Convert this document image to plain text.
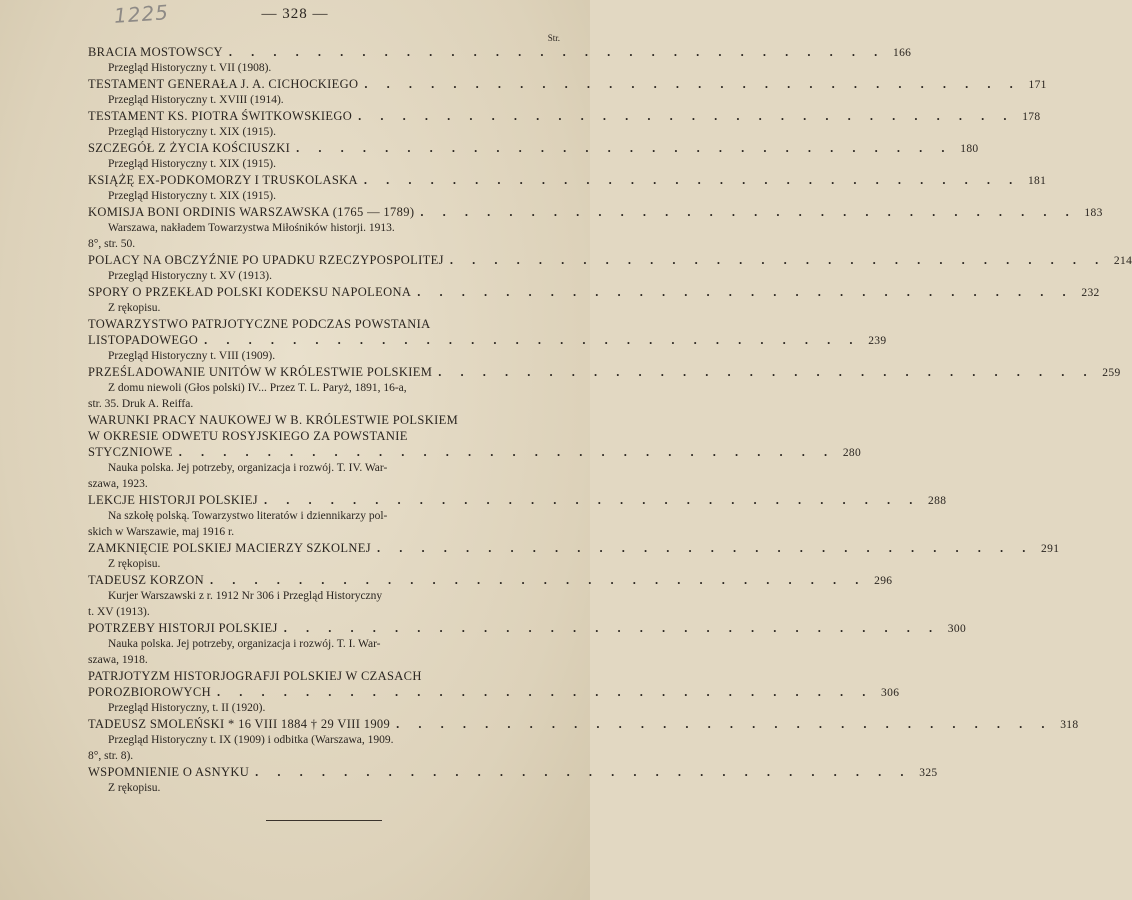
1225	— 328 —
Str.
BRACIA MOSTOWSCY . . . . . . . . . . . . . . . . . . . . . . . . . . . . . . 166
Przegląd Historyczny t. VII (1908).
TESTAMENT GENERAŁA J. A. CICHOCKIEGO . . . . . . . . . . . . . . . . . . . . . . . . . . . . . . 171
Przegląd Historyczny t. XVIII (1914).
TESTAMENT KS. PIOTRA ŚWITKOWSKIEGO . . . . . . . . . . . . . . . . . . . . . . . . . . . . . . 178
Przegląd Historyczny t. XIX (1915).
SZCZEGÓŁ Z ŻYCIA KOŚCIUSZKI . . . . . . . . . . . . . . . . . . . . . . . . . . . . . . 180
Przegląd Historyczny t. XIX (1915).
KSIĄŻĘ EX-PODKOMORZY I TRUSKOLASKA . . . . . . . . . . . . . . . . . . . . . . . . . . . . . . 181
Przegląd Historyczny t. XIX (1915).
KOMISJA BONI ORDINIS WARSZAWSKA (1765 — 1789) . . . . . . . . . . . . . . . . . . . . . . . . . . . . . . 183
Warszawa, nakładem Towarzystwa Miłośników historji. 1913.
8°, str. 50.
POLACY NA OBCZYŹNIE PO UPADKU RZECZYPOSPOLITEJ . . . . . . . . . . . . . . . . . . . . . . . . . . . . . . 214
Przegląd Historyczny t. XV (1913).
SPORY O PRZEKŁAD POLSKI KODEKSU NAPOLEONA . . . . . . . . . . . . . . . . . . . . . . . . . . . . . . 232
Z rękopisu.
TOWARZYSTWO PATRJOTYCZNE PODCZAS POWSTANIA
LISTOPADOWEGO . . . . . . . . . . . . . . . . . . . . . . . . . . . . . . 239
Przegląd Historyczny t. VIII (1909).
PRZEŚLADOWANIE UNITÓW W KRÓLESTWIE POLSKIEM . . . . . . . . . . . . . . . . . . . . . . . . . . . . . . 259
Z domu niewoli (Głos polski) IV... Przez T. L. Paryż, 1891, 16-a,
str. 35. Druk A. Reiffa.
WARUNKI PRACY NAUKOWEJ W B. KRÓLESTWIE POLSKIEM
W OKRESIE ODWETU ROSYJSKIEGO ZA POWSTANIE
STYCZNIOWE . . . . . . . . . . . . . . . . . . . . . . . . . . . . . . 280
Nauka polska. Jej potrzeby, organizacja i rozwój. T. IV. War-
szawa, 1923.
LEKCJE HISTORJI POLSKIEJ . . . . . . . . . . . . . . . . . . . . . . . . . . . . . . 288
Na szkołę polską. Towarzystwo literatów i dziennikarzy pol-
skich w Warszawie, maj 1916 r.
ZAMKNIĘCIE POLSKIEJ MACIERZY SZKOLNEJ . . . . . . . . . . . . . . . . . . . . . . . . . . . . . . 291
Z rękopisu.
TADEUSZ KORZON . . . . . . . . . . . . . . . . . . . . . . . . . . . . . . 296
Kurjer Warszawski z r. 1912 Nr 306 i Przegląd Historyczny
t. XV (1913).
POTRZEBY HISTORJI POLSKIEJ . . . . . . . . . . . . . . . . . . . . . . . . . . . . . . 300
Nauka polska. Jej potrzeby, organizacja i rozwój. T. I. War-
szawa, 1918.
PATRJOTYZM HISTORJOGRAFJI POLSKIEJ W CZASACH
POROZBIOROWYCH . . . . . . . . . . . . . . . . . . . . . . . . . . . . . . 306
Przegląd Historyczny, t. II (1920).
TADEUSZ SMOLEŃSKI * 16 VIII 1884 † 29 VIII 1909 . . . . . . . . . . . . . . . . . . . . . . . . . . . . . . 318
Przegląd Historyczny t. IX (1909) i odbitka (Warszawa, 1909.
8°, str. 8).
WSPOMNIENIE O ASNYKU . . . . . . . . . . . . . . . . . . . . . . . . . . . . . . 325
Z rękopisu.
